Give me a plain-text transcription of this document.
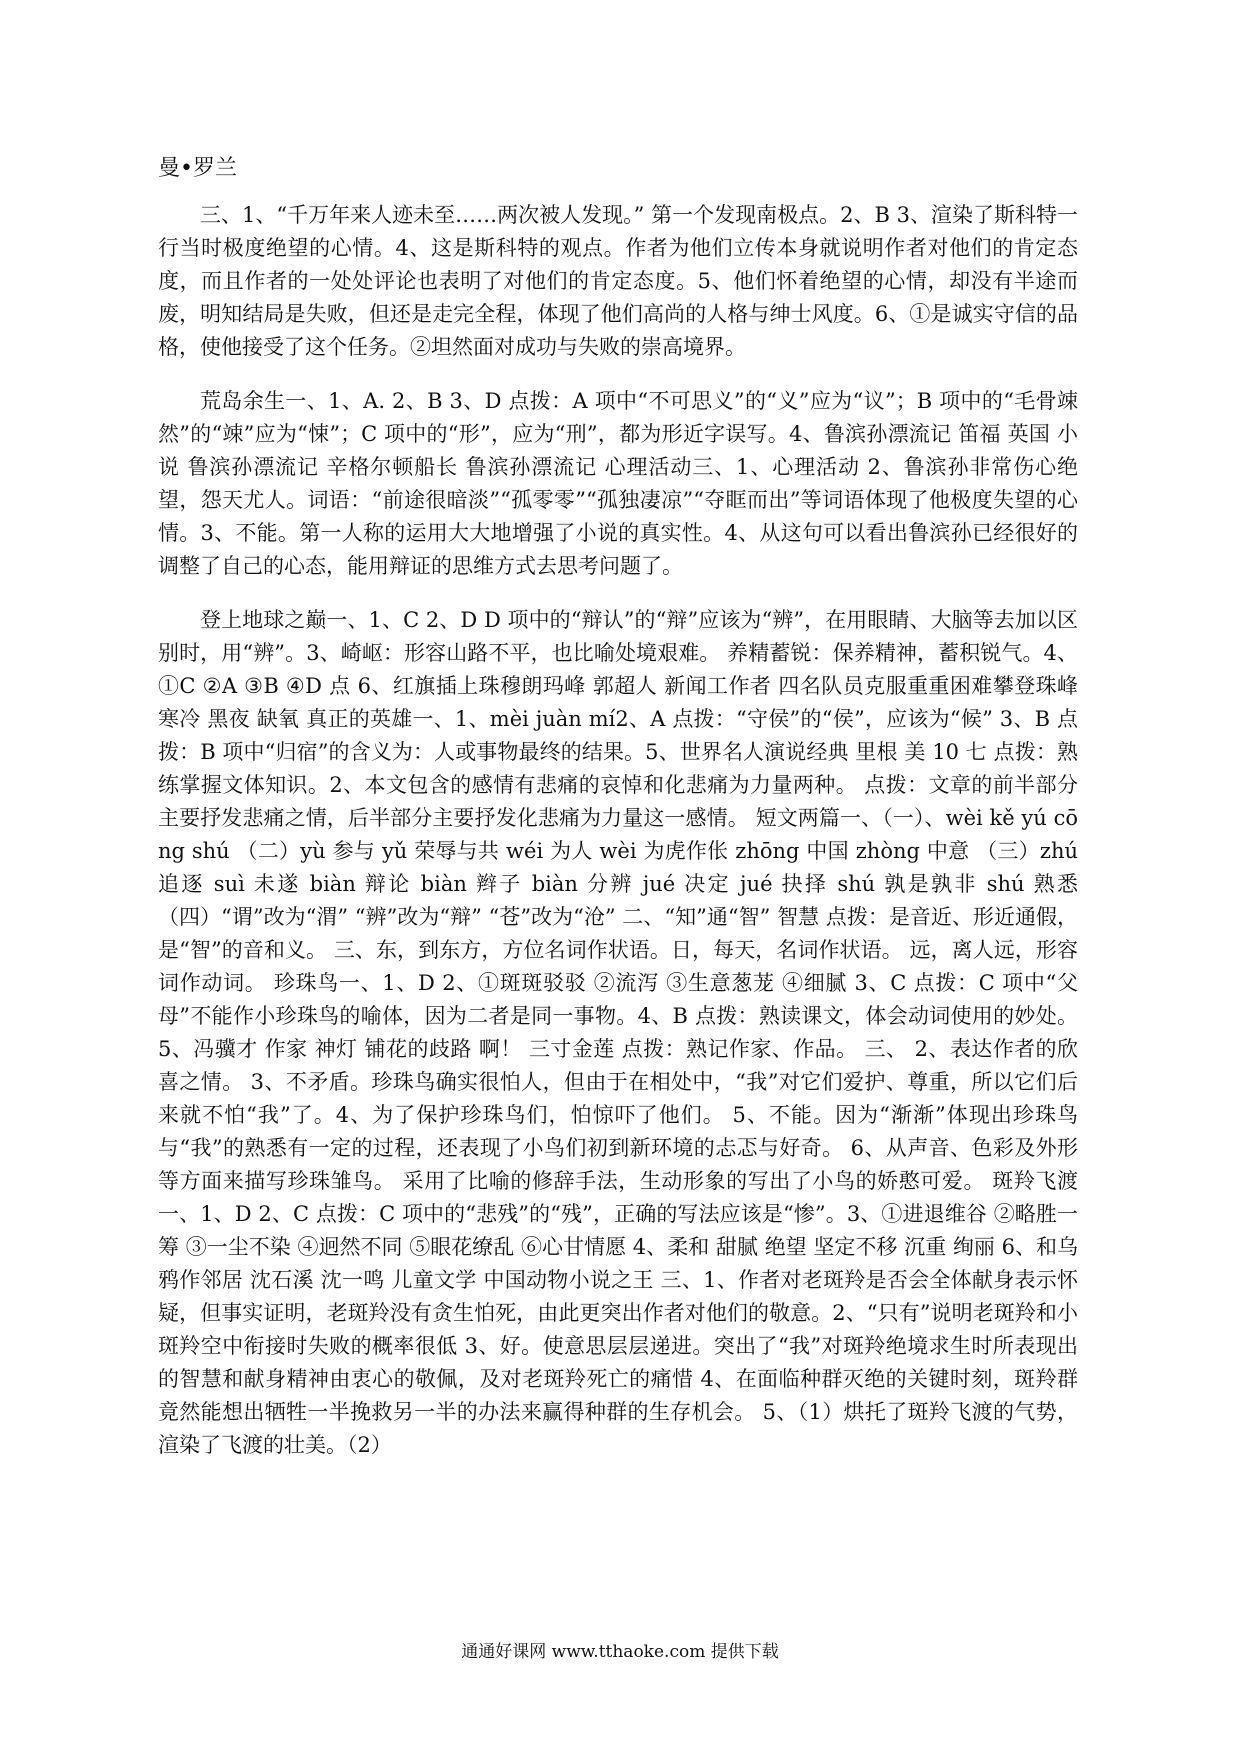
曼•罗兰

三、1、“千万年来人迹未至……两次被人发现。” 第一个发现南极点。2、B 3、渲染了斯科特一行当时极度绝望的心情。4、这是斯科特的观点。作者为他们立传本身就说明作者对他们的肯定态度，而且作者的一处处评论也表明了对他们的肯定态度。5、他们怀着绝望的心情，却没有半途而废，明知结局是失败，但还是走完全程，体现了他们高尚的人格与绅士风度。6、①是诚实守信的品格，使他接受了这个任务。②坦然面对成功与失败的崇高境界。

荒岛余生一、1、A. 2、B 3、D 点拨：A 项中“不可思义”的“义”应为“议”；B 项中的“毛骨竦然”的“竦”应为“悚”；C 项中的“形”，应为“刑”，都为形近字误写。4、鲁滨孙漂流记 笛福 英国 小说 鲁滨孙漂流记 辛格尔顿船长 鲁滨孙漂流记 心理活动三、1、心理活动 2、鲁滨孙非常伤心绝望，怨天尤人。词语：“前途很暗淡”“孤零零”“孤独凄凉”“夺眶而出”等词语体现了他极度失望的心情。3、不能。第一人称的运用大大地增强了小说的真实性。4、从这句可以看出鲁滨孙已经很好的调整了自己的心态，能用辩证的思维方式去思考问题了。

登上地球之巅一、1、C 2、D D 项中的“辩认”的“辩”应该为“辨”，在用眼睛、大脑等去加以区别时，用“辨”。3、崎岖：形容山路不平，也比喻处境艰难。 养精蓄锐：保养精神，蓄积锐气。4、①C ②A ③B ④D 点 6、红旗插上珠穆朗玛峰 郭超人 新闻工作者 四名队员克服重重困难攀登珠峰 寒冷 黑夜 缺氧 真正的英雄一、1、mèi juàn mí2、A 点拨：“守侯”的“侯”，应该为“候” 3、B 点拨：B 项中“归宿”的含义为：人或事物最终的结果。5、世界名人演说经典 里根 美 10 七 点拨：熟练掌握文体知识。2、本文包含的感情有悲痛的哀悼和化悲痛为力量两种。 点拨：文章的前半部分主要抒发悲痛之情，后半部分主要抒发化悲痛为力量这一感情。 短文两篇一、（一）、wèi kě yú cōng shú （二）yù 参与 yǔ 荣辱与共 wéi 为人 wèi 为虎作伥 zhōng 中国 zhòng 中意 （三）zhú 追逐 suì 未遂 biàn 辩论 biàn 辫子 biàn 分辨 jué 决定 jué 抉择 shú 孰是孰非 shú 熟悉（四）“谓”改为“渭” “辨”改为“辩” “苍”改为“沧” 二、“知”通“智” 智慧 点拨：是音近、形近通假，是“智”的音和义。 三、东，到东方，方位名词作状语。日，每天，名词作状语。 远，离人远，形容词作动词。 珍珠鸟一、1、D 2、①斑斑驳驳 ②流泻 ③生意葱茏 ④细腻 3、C 点拨：C 项中“父母”不能作小珍珠鸟的喻体，因为二者是同一事物。4、B 点拨：熟读课文，体会动词使用的妙处。5、冯骥才 作家 神灯 铺花的歧路 啊！ 三寸金莲 点拨：熟记作家、作品。 三、 2、表达作者的欣喜之情。 3、不矛盾。珍珠鸟确实很怕人，但由于在相处中，“我”对它们爱护、尊重，所以它们后来就不怕“我”了。4、为了保护珍珠鸟们，怕惊吓了他们。 5、不能。因为“渐渐”体现出珍珠鸟与“我”的熟悉有一定的过程，还表现了小鸟们初到新环境的忐忑与好奇。 6、从声音、色彩及外形等方面来描写珍珠雏鸟。 采用了比喻的修辞手法，生动形象的写出了小鸟的娇憨可爱。 斑羚飞渡一、1、D 2、C 点拨：C 项中的“悲残”的“残”，正确的写法应该是“惨”。3、①进退维谷 ②略胜一筹 ③一尘不染 ④迥然不同 ⑤眼花缭乱 ⑥心甘情愿 4、柔和 甜腻 绝望 坚定不移 沉重 绚丽 6、和乌鸦作邻居 沈石溪 沈一鸣 儿童文学 中国动物小说之王 三、1、作者对老斑羚是否会全体献身表示怀疑，但事实证明，老斑羚没有贪生怕死，由此更突出作者对他们的敬意。2、“只有”说明老斑羚和小斑羚空中衔接时失败的概率很低 3、好。使意思层层递进。突出了“我”对斑羚绝境求生时所表现出的智慧和献身精神由衷心的敬佩，及对老斑羚死亡的痛惜 4、在面临种群灭绝的关键时刻，斑羚群竟然能想出牺牲一半挽救另一半的办法来赢得种群的生存机会。 5、（1）烘托了斑羚飞渡的气势，渲染了飞渡的壮美。（2）

通通好课网 www.tthaoke.com 提供下载
